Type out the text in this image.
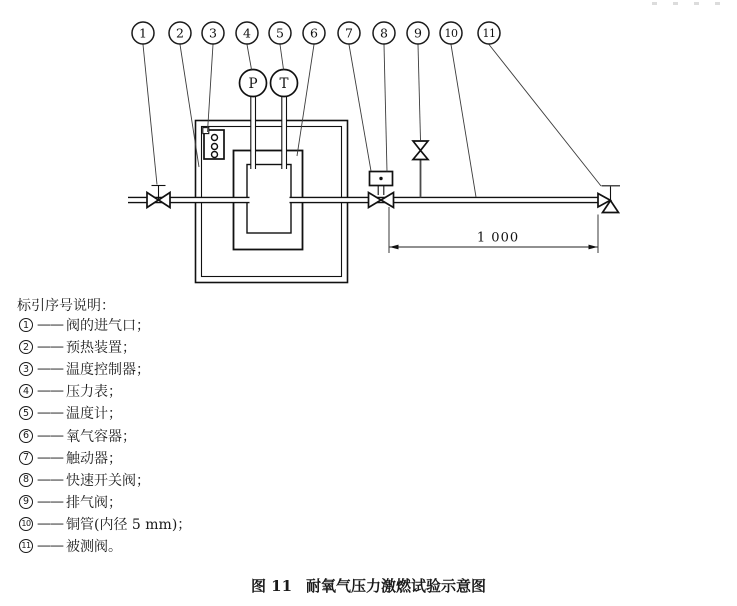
P T
1 2 3 4 5 6 7 8 9 10 11
1 000
标引序号说明：
1 —— 阀的进气口；
2 —— 预热装置；
3 —— 温度控制器；
4 —— 压力表；
5 —— 温度计；
6 —— 氧气容器；
7 —— 触动器；
8 —— 快速开关阀；
9 —— 排气阀；
10 —— 铜管(内径 5 mm)；
11 —— 被测阀。
图 11 耐氧气压力激燃试验示意图
